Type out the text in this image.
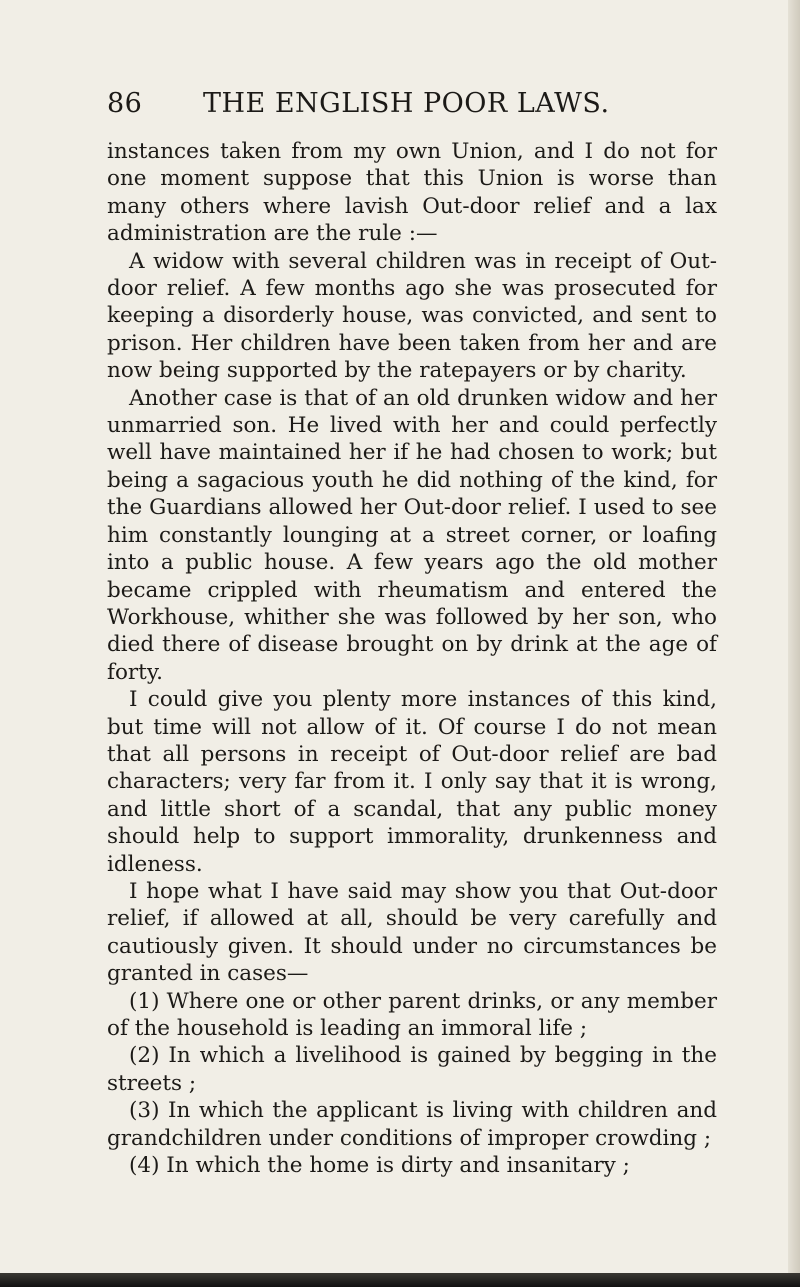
86 THE ENGLISH POOR LAWS.

instances taken from my own Union, and I do not for one moment suppose that this Union is worse than many others where lavish Out-door relief and a lax administration are the rule :—

A widow with several children was in receipt of Out-door relief. A few months ago she was prosecuted for keeping a disorderly house, was convicted, and sent to prison. Her children have been taken from her and are now being supported by the ratepayers or by charity.

Another case is that of an old drunken widow and her unmarried son. He lived with her and could perfectly well have maintained her if he had chosen to work; but being a sagacious youth he did nothing of the kind, for the Guardians allowed her Out-door relief. I used to see him constantly lounging at a street corner, or loafing into a public house. A few years ago the old mother became crippled with rheumatism and entered the Workhouse, whither she was followed by her son, who died there of disease brought on by drink at the age of forty.

I could give you plenty more instances of this kind, but time will not allow of it. Of course I do not mean that all persons in receipt of Out-door relief are bad characters; very far from it. I only say that it is wrong, and little short of a scandal, that any public money should help to support immorality, drunkenness and idleness.

I hope what I have said may show you that Out-door relief, if allowed at all, should be very carefully and cautiously given. It should under no circumstances be granted in cases—

(1) Where one or other parent drinks, or any member of the household is leading an immoral life ;

(2) In which a livelihood is gained by begging in the streets ;

(3) In which the applicant is living with children and grandchildren under conditions of improper crowding ;

(4) In which the home is dirty and insanitary ;
